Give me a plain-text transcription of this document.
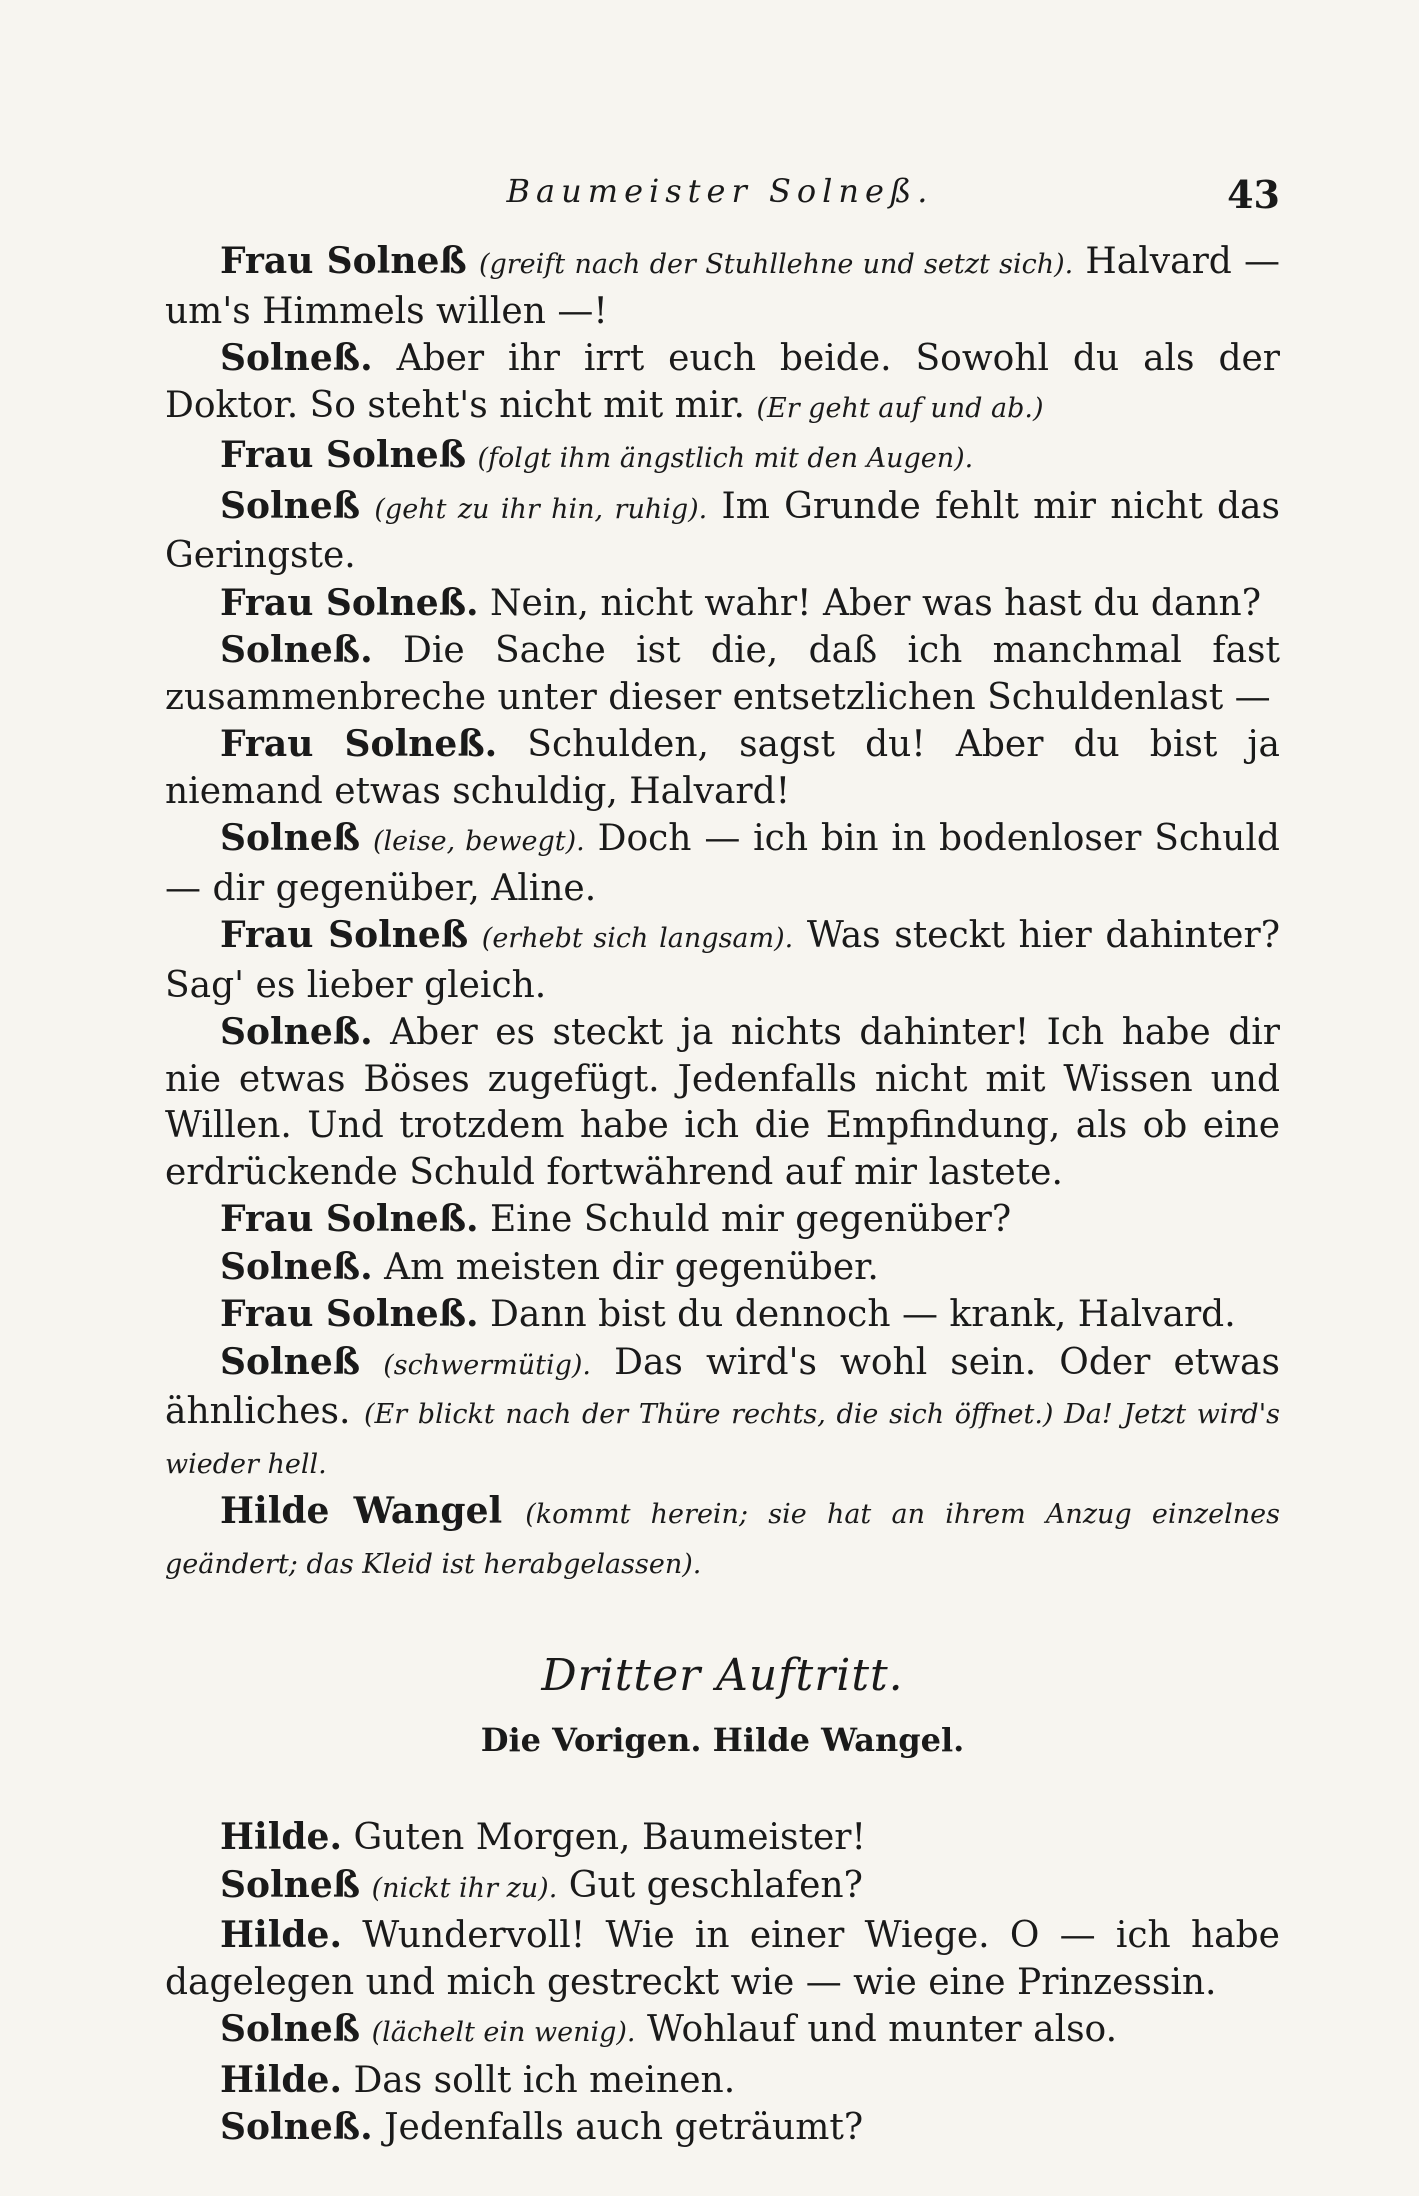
Baumeister Solneß.	43

Frau Solneß (greift nach der Stuhllehne und setzt sich). Halvard — um's Himmels willen —!

Solneß. Aber ihr irrt euch beide. Sowohl du als der Doktor. So steht's nicht mit mir. (Er geht auf und ab.)

Frau Solneß (folgt ihm ängstlich mit den Augen).

Solneß (geht zu ihr hin, ruhig). Im Grunde fehlt mir nicht das Geringste.

Frau Solneß. Nein, nicht wahr! Aber was hast du dann?

Solneß. Die Sache ist die, daß ich manchmal fast zusammenbreche unter dieser entsetzlichen Schuldenlast —

Frau Solneß. Schulden, sagst du! Aber du bist ja niemand etwas schuldig, Halvard!

Solneß (leise, bewegt). Doch — ich bin in bodenloser Schuld — dir gegenüber, Aline.

Frau Solneß (erhebt sich langsam). Was steckt hier dahinter? Sag' es lieber gleich.

Solneß. Aber es steckt ja nichts dahinter! Ich habe dir nie etwas Böses zugefügt. Jedenfalls nicht mit Wissen und Willen. Und trotzdem habe ich die Empfindung, als ob eine erdrückende Schuld fortwährend auf mir lastete.

Frau Solneß. Eine Schuld mir gegenüber?

Solneß. Am meisten dir gegenüber.

Frau Solneß. Dann bist du dennoch — krank, Halvard.

Solneß (schwermütig). Das wird's wohl sein. Oder etwas ähnliches. (Er blickt nach der Thüre rechts, die sich öffnet.) Da! Jetzt wird's wieder hell.

Hilde Wangel (kommt herein; sie hat an ihrem Anzug einzelnes geändert; das Kleid ist herabgelassen).

Dritter Auftritt.

Die Vorigen. Hilde Wangel.

Hilde. Guten Morgen, Baumeister!

Solneß (nickt ihr zu). Gut geschlafen?

Hilde. Wundervoll! Wie in einer Wiege. O — ich habe dagelegen und mich gestreckt wie — wie eine Prinzessin.

Solneß (lächelt ein wenig). Wohlauf und munter also.

Hilde. Das sollt ich meinen.

Solneß. Jedenfalls auch geträumt?
